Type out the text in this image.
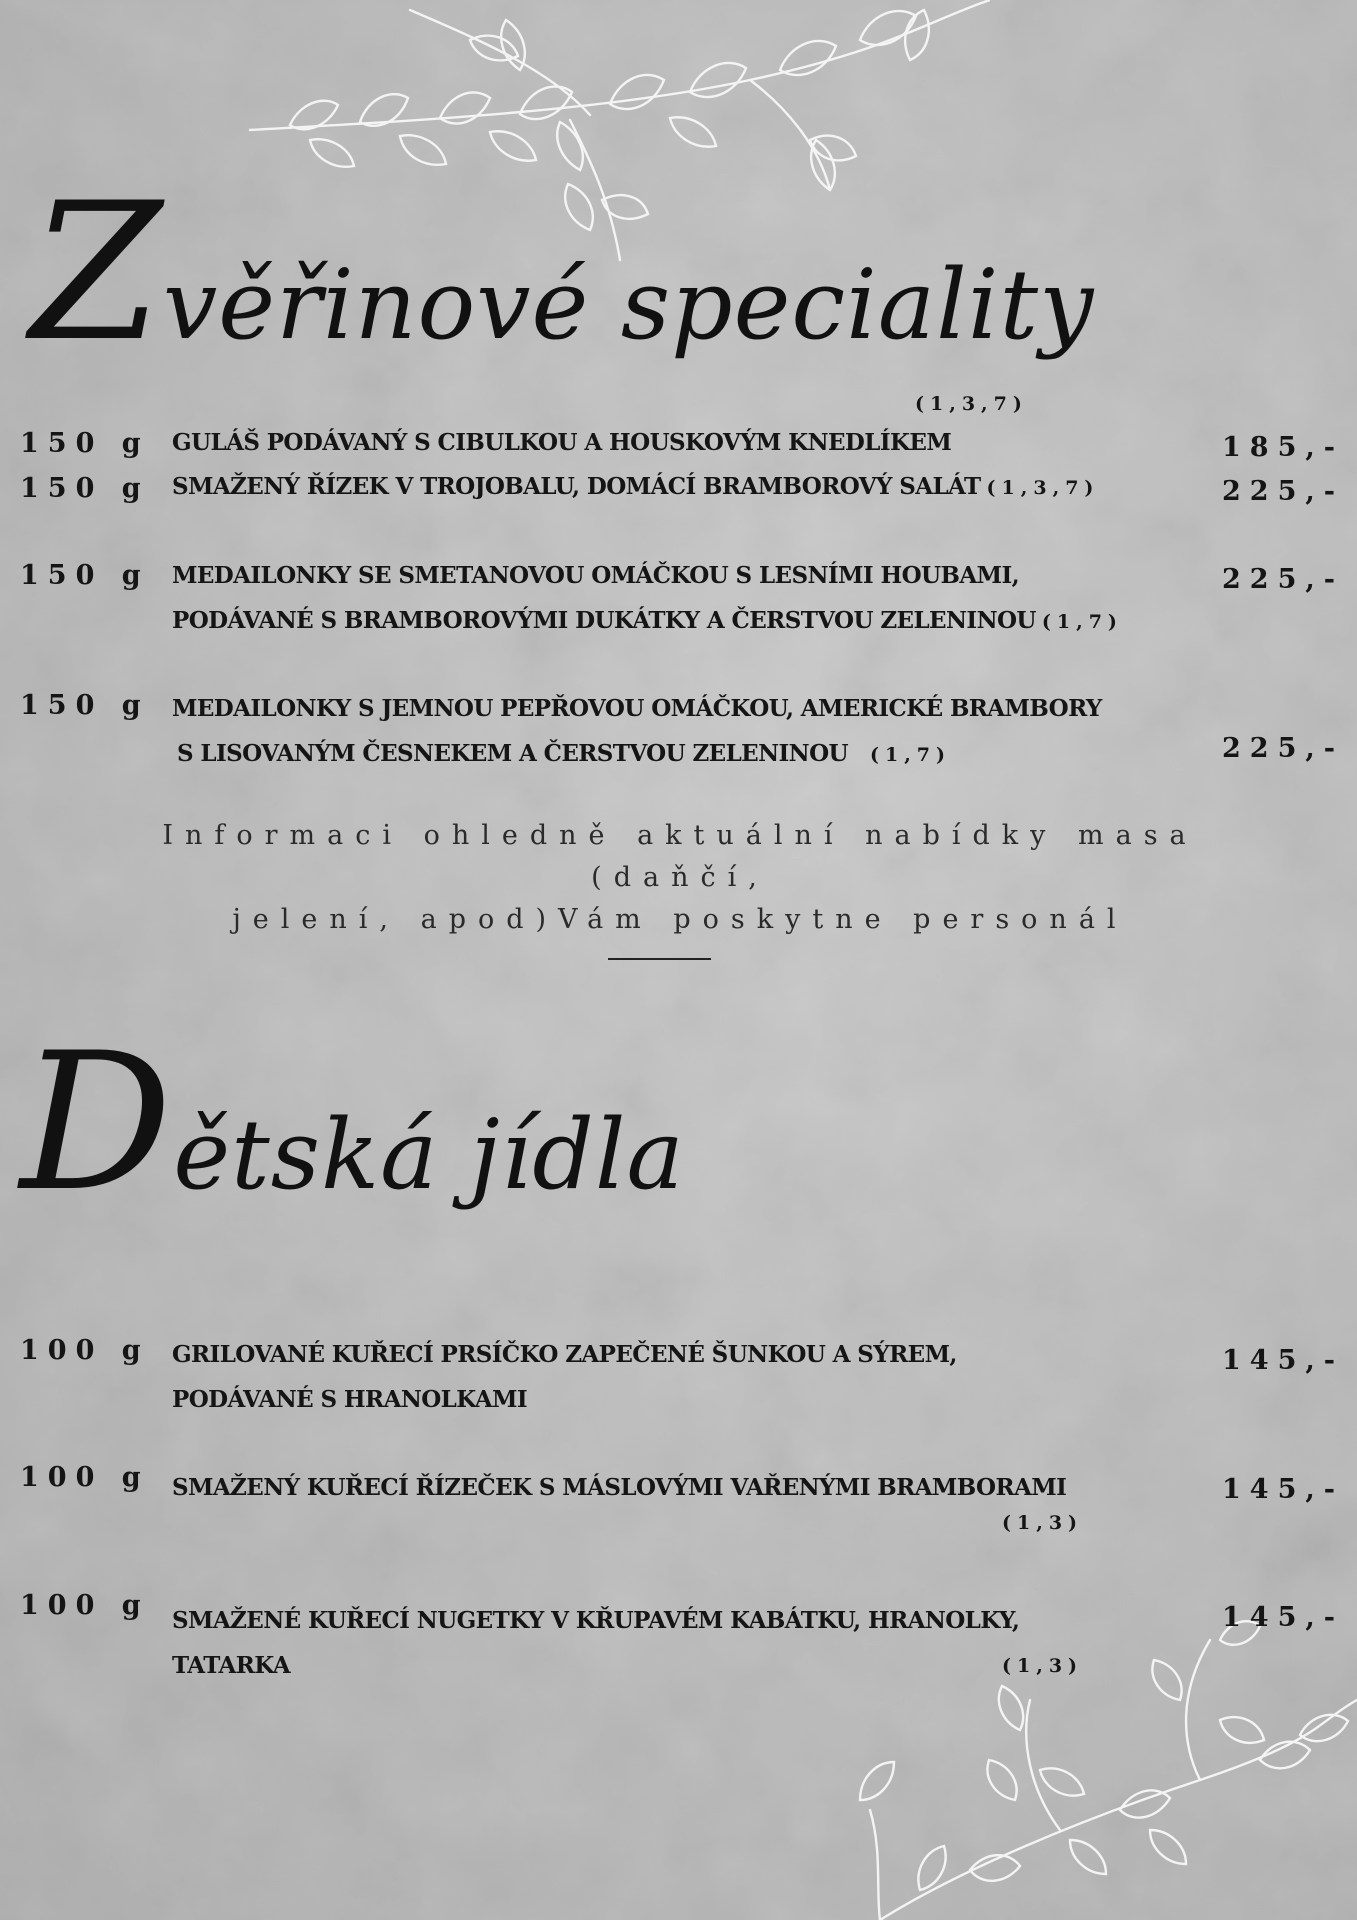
Zvěřinové speciality
(1,3,7)
150 g GULÁŠ PODÁVANÝ S CIBULKOU A HOUSKOVÝM KNEDLÍKEM	185,-
150 g SMAŽENÝ ŘÍZEK V TROJOBALU, DOMÁCÍ BRAMBOROVÝ SALÁT (1,3,7)	225,-
150 g MEDAILONKY SE SMETANOVOU OMÁČKOU S LESNÍMI HOUBAMI,

PODÁVANÉ S BRAMBOROVÝMI DUKÁTKY A ČERSTVOU ZELENINOU (1,7)

225,-
150 g MEDAILONKY S JEMNOU PEPŘOVOU OMÁČKOU, AMERICKÉ BRAMBORY

S LISOVANÝM ČESNEKEM A ČERSTVOU ZELENINOU (1,7)	225,-

Informaci ohledně aktuální nabídky masa (daňčí,
jelení, apod)Vám poskytne personál

Dětská jídla
100 g GRILOVANÉ KUŘECÍ PRSÍČKO ZAPEČENÉ ŠUNKOU A SÝREM,

PODÁVANÉ S HRANOLKAMI

145,-
100 g SMAŽENÝ KUŘECÍ ŘÍZEČEK S MÁSLOVÝMI VAŘENÝMI BRAMBORAMI	145,-
(1,3)
100 g SMAŽENÉ KUŘECÍ NUGETKY V KŘUPAVÉM KABÁTKU, HRANOLKY,

TATARKA

145,-
(1,3)
